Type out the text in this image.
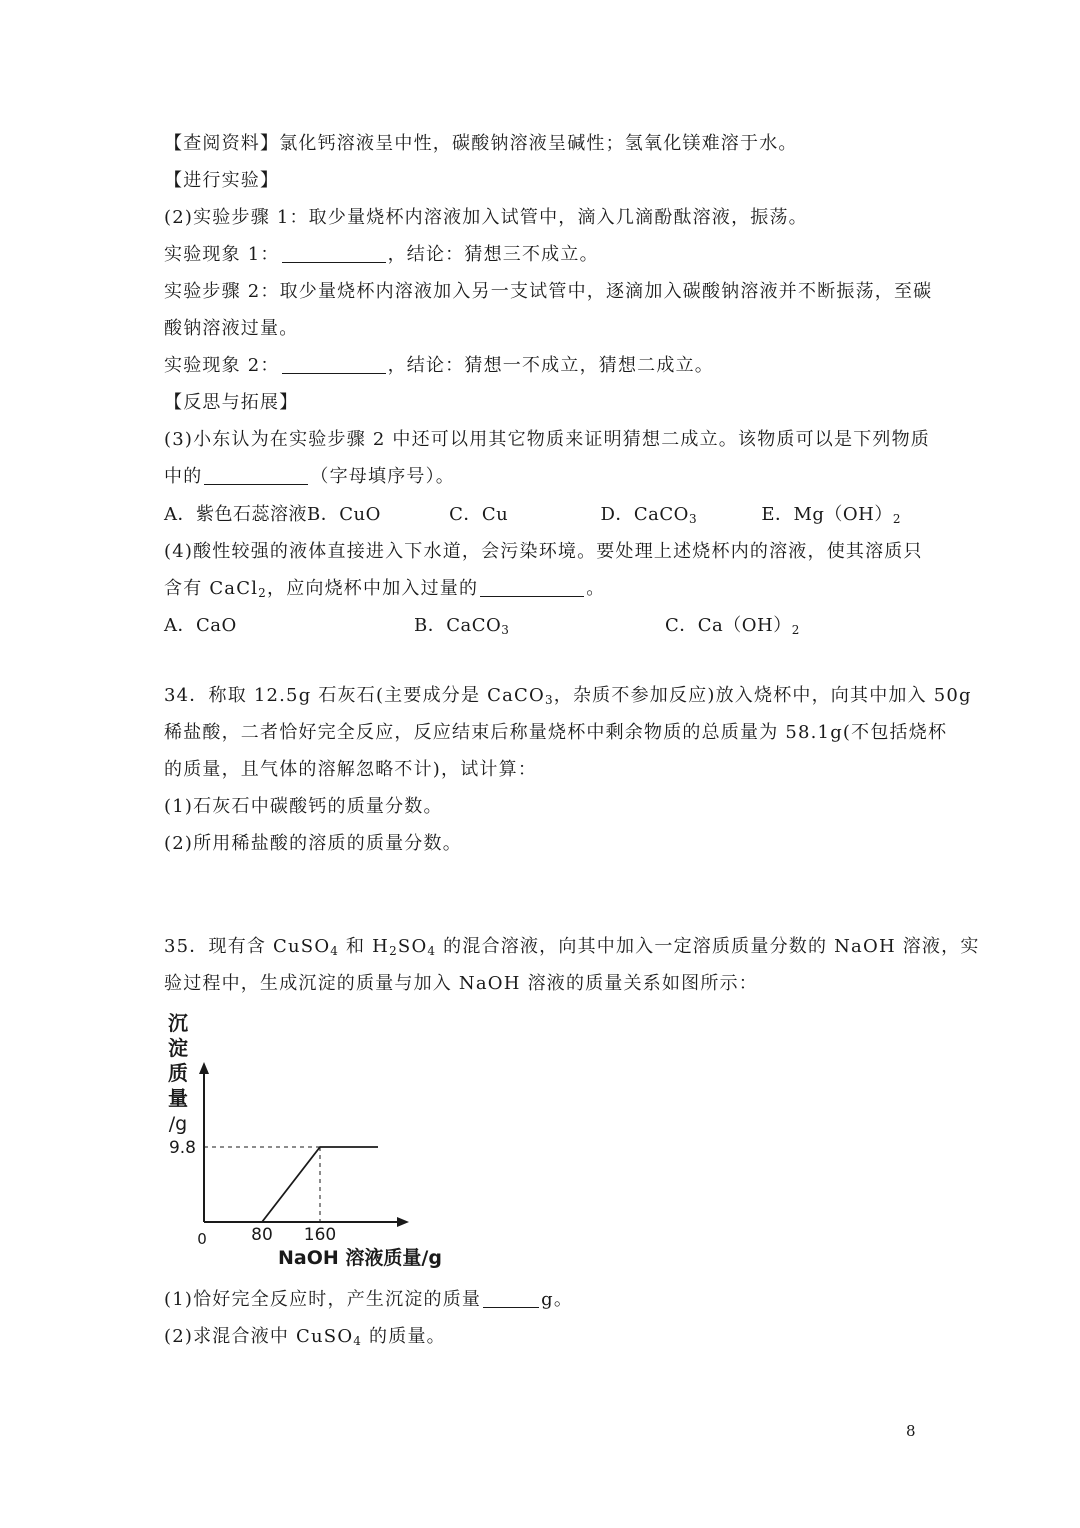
【查阅资料】氯化钙溶液呈中性，碳酸钠溶液呈碱性；氢氧化镁难溶于水。
【进行实验】
(2)实验步骤 1：取少量烧杯内溶液加入试管中，滴入几滴酚酞溶液，振荡。
实验现象 1：	，结论：猜想三不成立。
实验步骤 2：取少量烧杯内溶液加入另一支试管中，逐滴加入碳酸钠溶液并不断振荡，至碳
酸钠溶液过量。
实验现象 2：	，结论：猜想一不成立，猜想二成立。
【反思与拓展】
(3)小东认为在实验步骤 2 中还可以用其它物质来证明猜想二成立。该物质可以是下列物质
中的	（字母填序号）。
A．紫色石蕊溶液B．CuO	C．Cu	D．CaCO$_3$	E．$Mg(OH)_2$
(4)酸性较强的液体直接进入下水道，会污染环境。要处理上述烧杯内的溶液，使其溶质只
含有 CaCl$_2$，应向烧杯中加入过量的	。
A．CaO	B．CaCO$_3$	C．$Ca(OH)_2$
34．称取 12.5g 石灰石(主要成分是 CaCO$_3$，杂质不参加反应)放入烧杯中，向其中加入 50g
稀盐酸，二者恰好完全反应，反应结束后称量烧杯中剩余物质的总质量为 58.1g(不包括烧杯
的质量，且气体的溶解忽略不计)，试计算：
(1)石灰石中碳酸钙的质量分数。
(2)所用稀盐酸的溶质的质量分数。
35．现有含 CuSO$_4$ 和 $H_2SO_4$ 的混合溶液，向其中加入一定溶质质量分数的 NaOH 溶液，实
验过程中，生成沉淀的质量与加入 NaOH 溶液的质量关系如图所示：
沉
淀
质
量
/g
9.8
80 160
0
NaOH 溶液质量/g
(1)恰好完全反应时，产生沉淀的质量	g。
(2)求混合液中 CuSO$_4$ 的质量。
8
